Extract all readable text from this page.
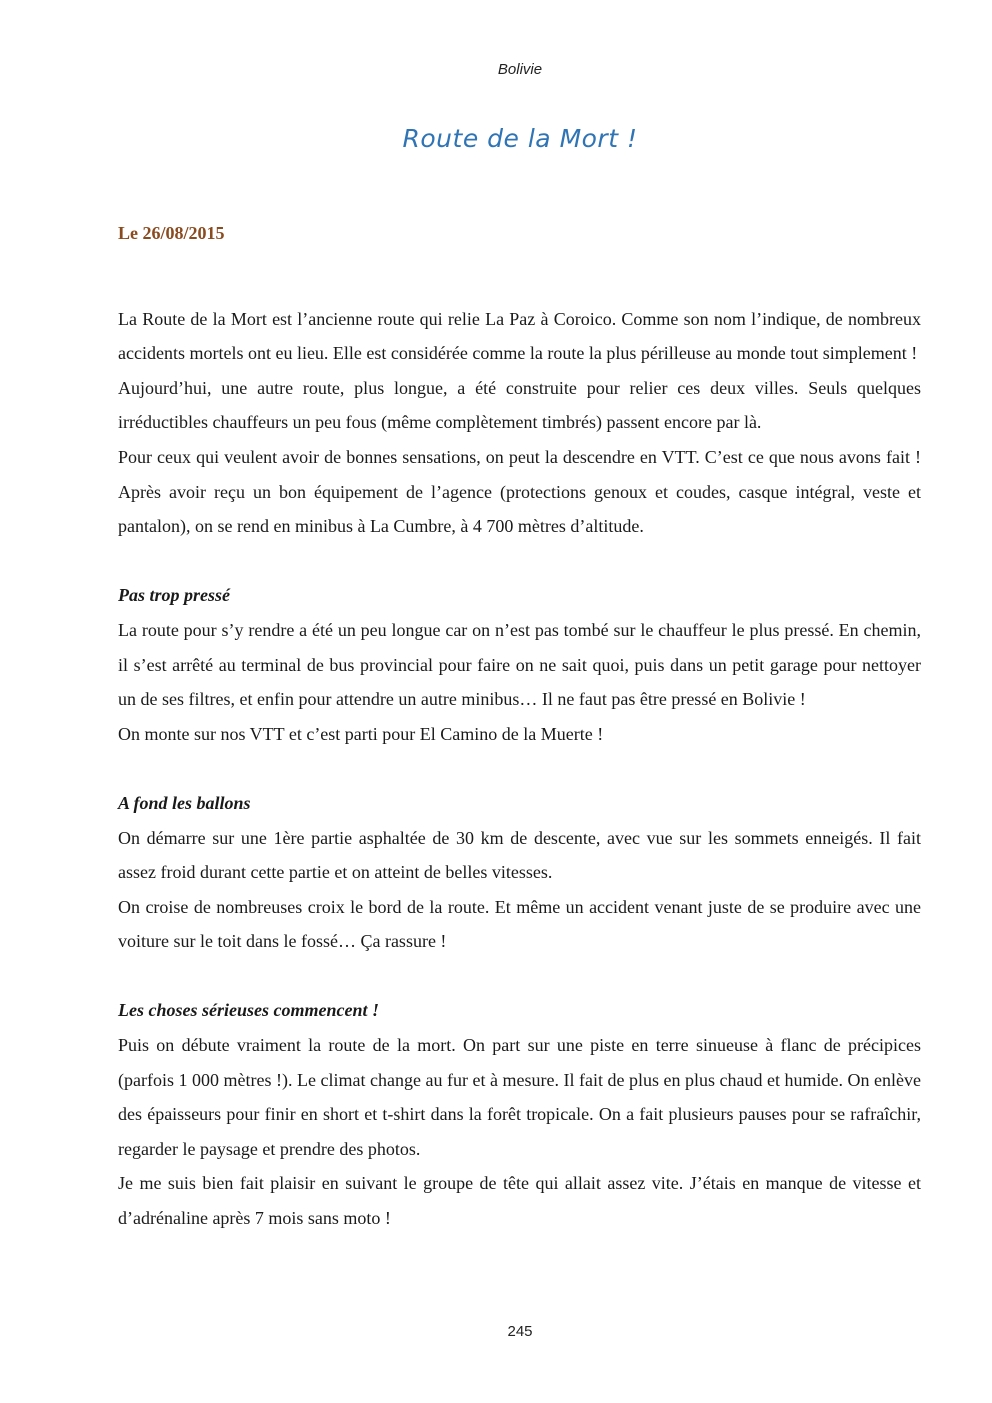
Bolivie
Route de la Mort !

Le 26/08/2015

La Route de la Mort est l’ancienne route qui relie La Paz à Coroico. Comme son nom l’indique, de nombreux accidents mortels ont eu lieu. Elle est considérée comme la route la plus périlleuse au monde tout simplement !

Aujourd’hui, une autre route, plus longue, a été construite pour relier ces deux villes. Seuls quelques irréductibles chauffeurs un peu fous (même complètement timbrés) passent encore par là.

Pour ceux qui veulent avoir de bonnes sensations, on peut la descendre en VTT. C’est ce que nous avons fait ! Après avoir reçu un bon équipement de l’agence (protections genoux et coudes, casque intégral, veste et pantalon), on se rend en minibus à La Cumbre, à 4 700 mètres d’altitude.

Pas trop pressé

La route pour s’y rendre a été un peu longue car on n’est pas tombé sur le chauffeur le plus pressé. En chemin, il s’est arrêté au terminal de bus provincial pour faire on ne sait quoi, puis dans un petit garage pour nettoyer un de ses filtres, et enfin pour attendre un autre minibus… Il ne faut pas être pressé en Bolivie !

On monte sur nos VTT et c’est parti pour El Camino de la Muerte !

A fond les ballons

On démarre sur une 1ère partie asphaltée de 30 km de descente, avec vue sur les sommets enneigés. Il fait assez froid durant cette partie et on atteint de belles vitesses.

On croise de nombreuses croix le bord de la route. Et même un accident venant juste de se produire avec une voiture sur le toit dans le fossé… Ça rassure !

Les choses sérieuses commencent !

Puis on débute vraiment la route de la mort. On part sur une piste en terre sinueuse à flanc de précipices (parfois 1 000 mètres !). Le climat change au fur et à mesure. Il fait de plus en plus chaud et humide. On enlève des épaisseurs pour finir en short et t-shirt dans la forêt tropicale. On a fait plusieurs pauses pour se rafraîchir, regarder le paysage et prendre des photos.

Je me suis bien fait plaisir en suivant le groupe de tête qui allait assez vite. J’étais en manque de vitesse et d’adrénaline après 7 mois sans moto !

245
